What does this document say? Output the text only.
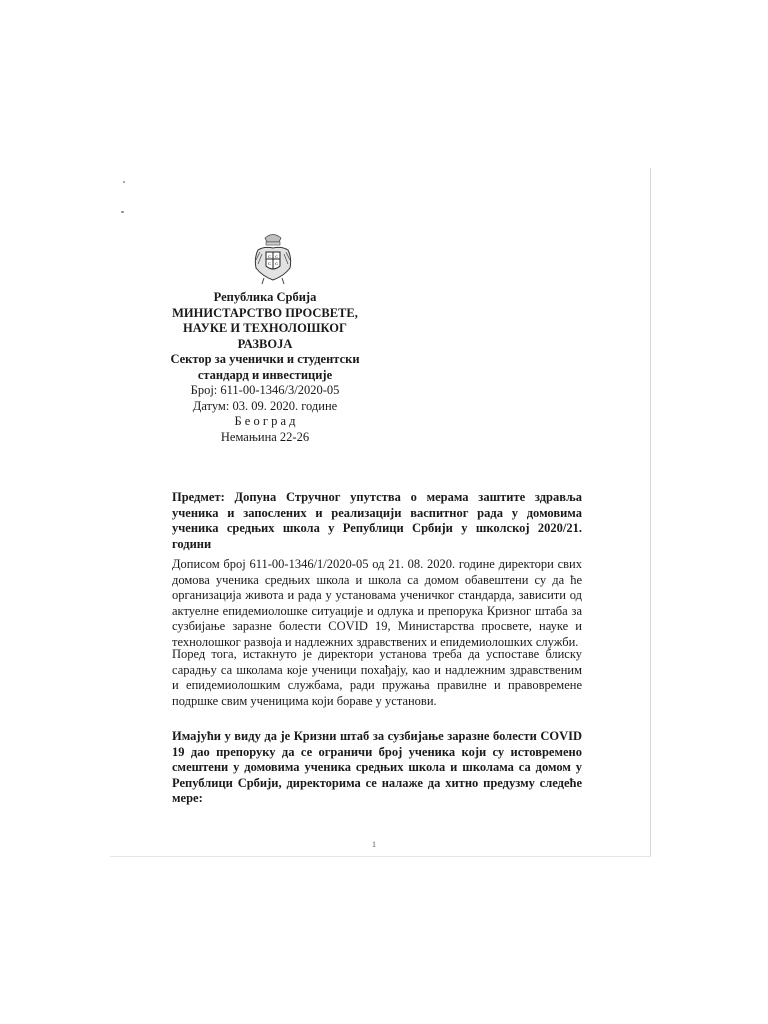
С С
С С
Република Србија
МИНИСТАРСТВО ПРОСВЕТЕ,
НАУКЕ И ТЕХНОЛОШКОГ
РАЗВОЈА
Сектор за ученички и студентски
стандард и инвестиције
Број: 611-00-1346/3/2020-05
Датум: 03. 09. 2020. године
Б е о г р а д
Немањина 22-26
Предмет: Допуна Стручног упутства о мерама заштите здравља ученика и запослених и реализацији васпитног рада у домовима ученика средњих школа у Републици Србији у школској 2020/21. години
Дописом број 611-00-1346/1/2020-05 од 21. 08. 2020. године директори свих домова ученика средњих школа и школа са домом обавештени су да ће организација живота и рада у установама ученичког стандарда, зависити од актуелне епидемиолошке ситуације и одлука и препорука Кризног штаба за сузбијање заразне болести COVID 19, Министарства просвете, науке и технолошког развоја и надлежних здравствених и епидемиолошких служби.
Поред тога, истакнуто је директори установа треба да успоставе блиску сарадњу са школама које ученици похађају, као и надлежним здравственим и епидемиолошким службама, ради пружања правилне и правовремене подршке свим ученицима који бораве у установи.
Имајући у виду да је Кризни штаб за сузбијање заразне болести COVID 19 дао препоруку да се ограничи број ученика који су истовремено смештени у домовима ученика средњих школа и школама са домом у Републици Србији, директорима се налаже да хитно предузму следеће мере:
1
